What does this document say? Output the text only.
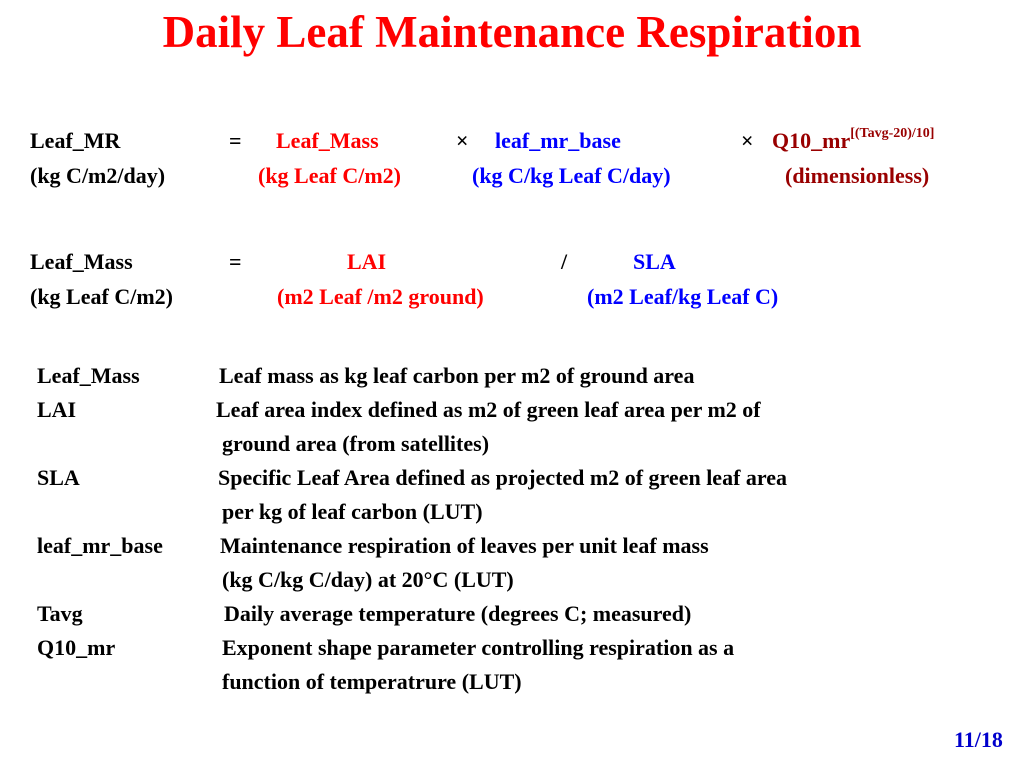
Daily Leaf Maintenance Respiration
Leaf_MR	= Leaf_Mass	× leaf_mr_base	× Q10_mr[(Tavg-20)/10]
(kg C/m2/day)	(kg Leaf C/m2)	(kg C/kg Leaf C/day)	(dimensionless)
Leaf_Mass	=	LAI	/	SLA
(kg Leaf C/m2)	(m2 Leaf /m2 ground)	(m2 Leaf/kg Leaf C)
Leaf_Mass	Leaf mass as kg leaf carbon per m2 of ground area
LAI	Leaf area index defined as m2 of green leaf area per m2 of
ground area (from satellites)
SLA	Specific Leaf Area defined as projected m2 of green leaf area
per kg of leaf carbon (LUT)
leaf_mr_base	Maintenance respiration of leaves per unit leaf mass
(kg C/kg C/day) at 20°C (LUT)
Tavg	Daily average temperature (degrees C; measured)
Q10_mr	Exponent shape parameter controlling respiration as a
function of temperatrure (LUT)
11/18
